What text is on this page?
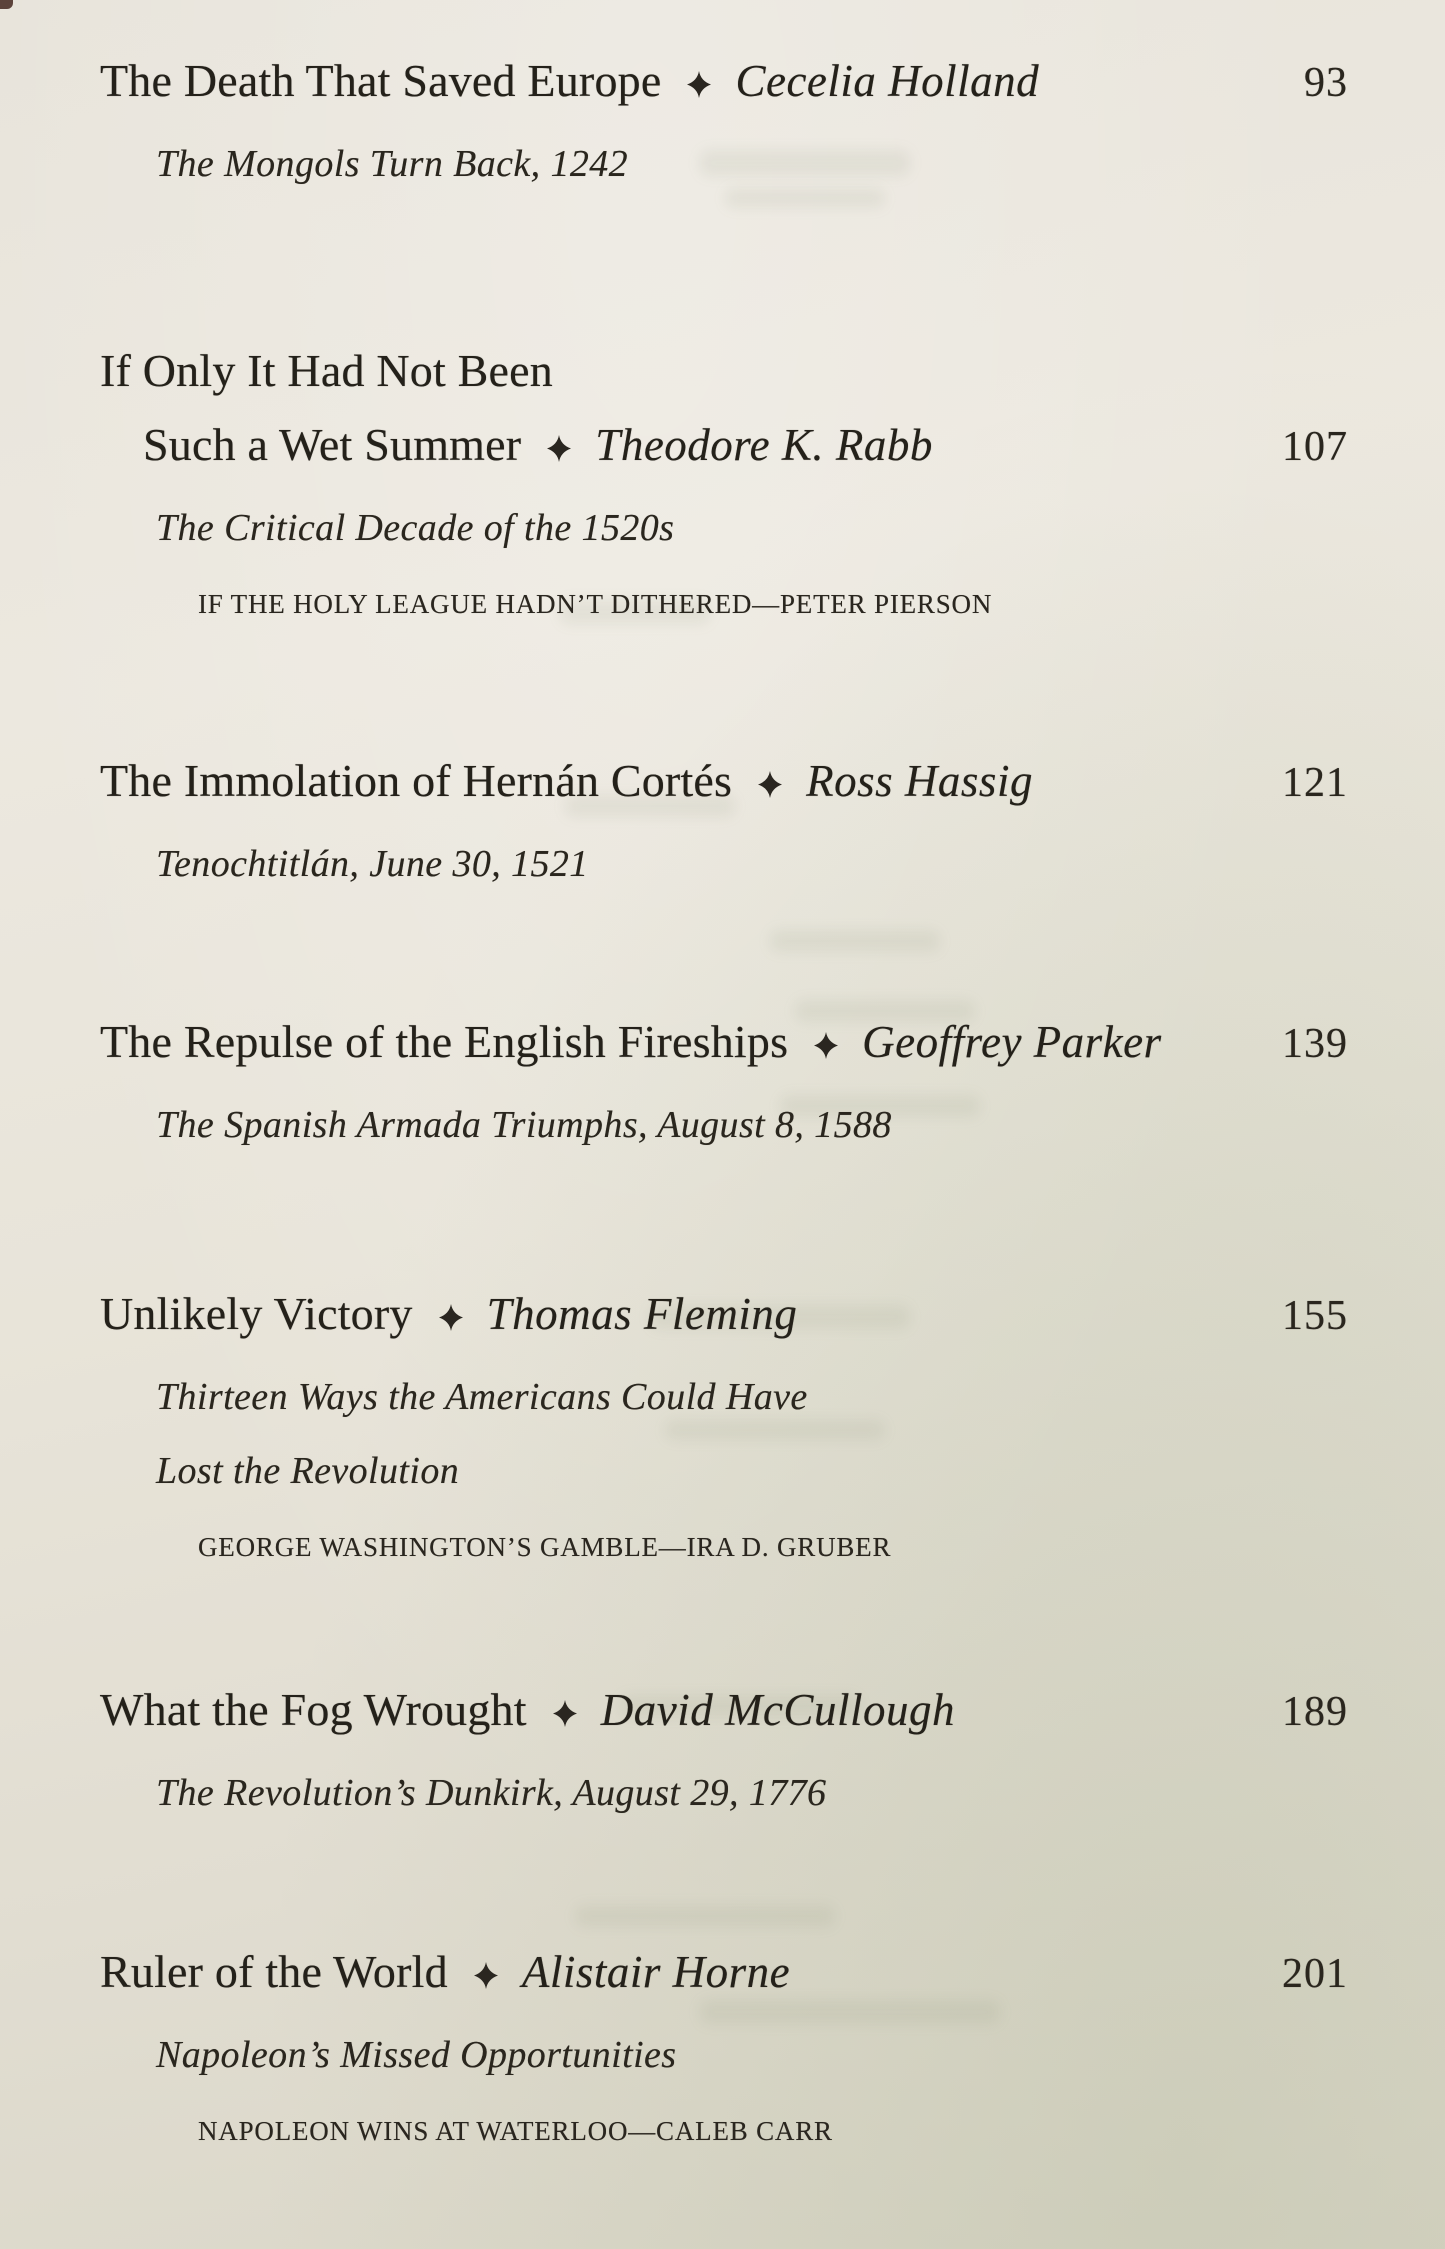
The Death That Saved Europe Cecelia Holland	93
The Mongols Turn Back, 1242
If Only It Had Not Been
Such a Wet Summer Theodore K. Rabb	107
The Critical Decade of the 1520s
IF THE HOLY LEAGUE HADN’T DITHERED—PETER PIERSON
The Immolation of Hernán Cortés Ross Hassig	121
Tenochtitlán, June 30, 1521
The Repulse of the English Fireships Geoffrey Parker	139
The Spanish Armada Triumphs, August 8, 1588
Unlikely Victory Thomas Fleming	155
Thirteen Ways the Americans Could Have
Lost the Revolution
GEORGE WASHINGTON’S GAMBLE—IRA D. GRUBER
What the Fog Wrought David McCullough	189
The Revolution’s Dunkirk, August 29, 1776
Ruler of the World Alistair Horne	201
Napoleon’s Missed Opportunities
NAPOLEON WINS AT WATERLOO—CALEB CARR
